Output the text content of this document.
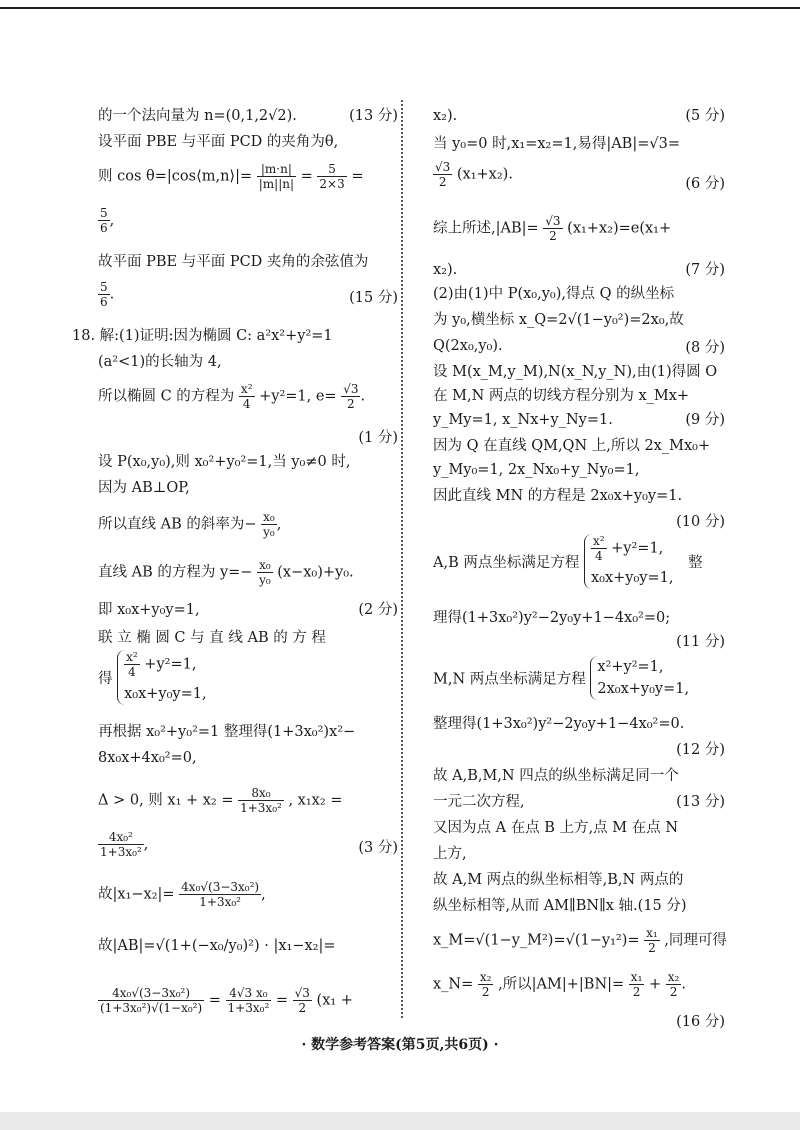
的一个法向量为 n=(0,1,2√2).	(13 分)
设平面 PBE 与平面 PCD 的夹角为θ,
则 cos θ=|cos⟨m,n⟩|= $\frac{|m\cdot n|}{|m||n|} = \frac{5}{2\times 3}$ =
$\frac{5}{6}$ ,
故平面 PBE 与平面 PCD 夹角的余弦值为
$\frac{5}{6}$ .	(15 分)
18. 解:(1)证明:因为椭圆 C: a²x²+y²=1
(a²<1)的长轴为 4,
所以椭圆 C 的方程为 $\frac{\text{x²}}{4} +y^2=1$, $e= \frac{√3}{2}$ .
(1 分)
设 P(x₀,y₀),则 x₀²+y₀²=1,当 y₀≠0 时,
因为 AB⊥OP,
所以直线 AB 的斜率为− $\frac{\text{x₀}}{\text{y₀}}$ ,
直线 AB 的方程为 $y=- \frac{\text{x₀}}{\text{y₀}} (x-x_0)+y_0$.
即 x₀x+y₀y=1,	(2 分)
联 立 椭 圆 C 与 直 线 AB 的 方 程
得 $\frac{\text{x²}}{4} +y^2=1$,
x₀x+y₀y=1,
再根据 x₀²+y₀²=1 整理得(1+3x₀²)x²−
8x₀x+4x₀²=0,
Δ > 0, 则 $x_1 + x_2 = \frac{\text{8x₀}}{\text{1+3x₀²}}$ , x₁x₂ =
$\frac{\text{4x₀²}}{\text{1+3x₀²}}$ ,	(3 分)
故$|x_1-x_2|= \frac{\text{4x₀√(3−3x₀²)}}{\text{1+3x₀²}}$ ,
故|AB|=√(1+(−x₀/y₀)²) · |x₁−x₂|=
$\frac{\text{4x₀√(3−3x₀²)}}{\text{(1+3x₀²)√(1−x₀²)}} = \frac{\text{4√3 x₀}}{\text{1+3x₀²}} = \frac{√3}{2} (x_1$ +
x₂).	(5 分)
当 y₀=0 时,x₁=x₂=1,易得|AB|=√3=
$\frac{√3}{2} (x_1+x_2)$.
(6 分)
综上所述$,|AB|= \frac{√3}{2} (x_1+x_2)=e(x_1+$
x₂).	(7 分)
(2)由(1)中 P(x₀,y₀),得点 Q 的纵坐标
为 y₀,横坐标 x_Q=2√(1−y₀²)=2x₀,故
Q(2x₀,y₀).	(8 分)
设 M(x_M,y_M),N(x_N,y_N),由(1)得圆 O
在 M,N 两点的切线方程分别为 x_Mx+
y_My=1, x_Nx+y_Ny=1.	(9 分)
因为 Q 在直线 QM,QN 上,所以 2x_Mx₀+
y_My₀=1, 2x_Nx₀+y_Ny₀=1,
因此直线 MN 的方程是 2x₀x+y₀y=1.
(10 分)
A,B 两点坐标满足方程 $\frac{\text{x²}}{4} +y^2=1$,
x₀x+y₀y=1,
整
理得(1+3x₀²)y²−2y₀y+1−4x₀²=0;
(11 分)
M,N 两点坐标满足方程
x²+y²=1,
2x₀x+y₀y=1,
整理得(1+3x₀²)y²−2y₀y+1−4x₀²=0.
(12 分)
故 A,B,M,N 四点的纵坐标满足同一个
一元二次方程,	(13 分)
又因为点 A 在点 B 上方,点 M 在点 N
上方,
故 A,M 两点的纵坐标相等,B,N 两点的
纵坐标相等,从而 AM∥BN∥x 轴.(15 分)
x_M=√(1−y_M²)=√(1−y₁²)= $\frac{\text{x₁}}{2}$ ,同理可得
x_N= $\frac{\text{x₂}}{2}$ ,所以$|AM|+|BN|= \frac{\text{x₁}}{2} + \frac{\text{x₂}}{2}$ .
(16 分)
· 数学参考答案(第5页,共6页) ·
